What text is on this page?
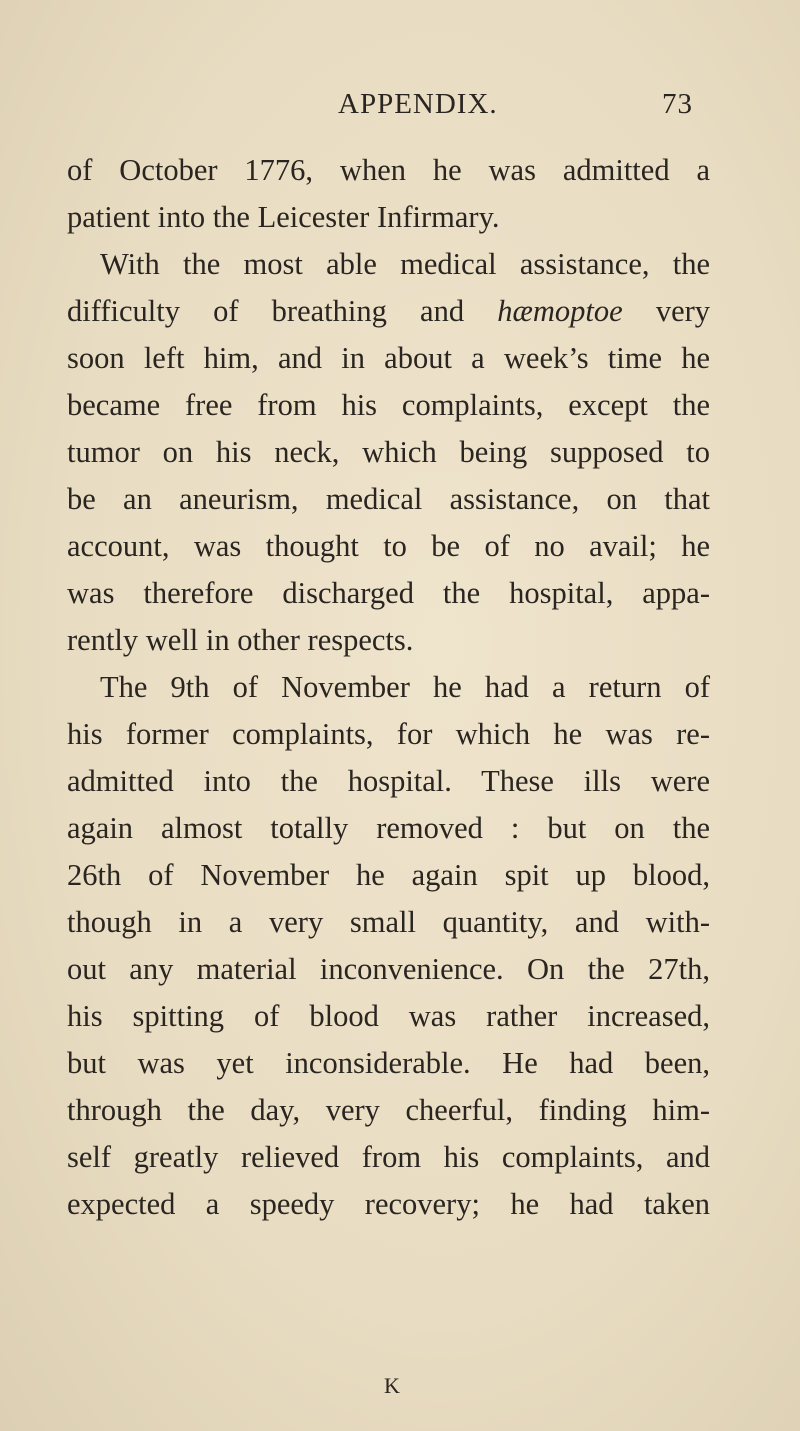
APPENDIX.	73
of October 1776, when he was admitted a
patient into the Leicester Infirmary.
With the most able medical assistance, the
difficulty of breathing and hæmoptoe very
soon left him, and in about a week’s time he
became free from his complaints, except the
tumor on his neck, which being supposed to
be an aneurism, medical assistance, on that
account, was thought to be of no avail; he
was therefore discharged the hospital, appa-
rently well in other respects.
The 9th of November he had a return of
his former complaints, for which he was re-
admitted into the hospital. These ills were
again almost totally removed : but on the
26th of November he again spit up blood,
though in a very small quantity, and with-
out any material inconvenience. On the 27th,
his spitting of blood was rather increased,
but was yet inconsiderable. He had been,
through the day, very cheerful, finding him-
self greatly relieved from his complaints, and
expected a speedy recovery; he had taken
K
